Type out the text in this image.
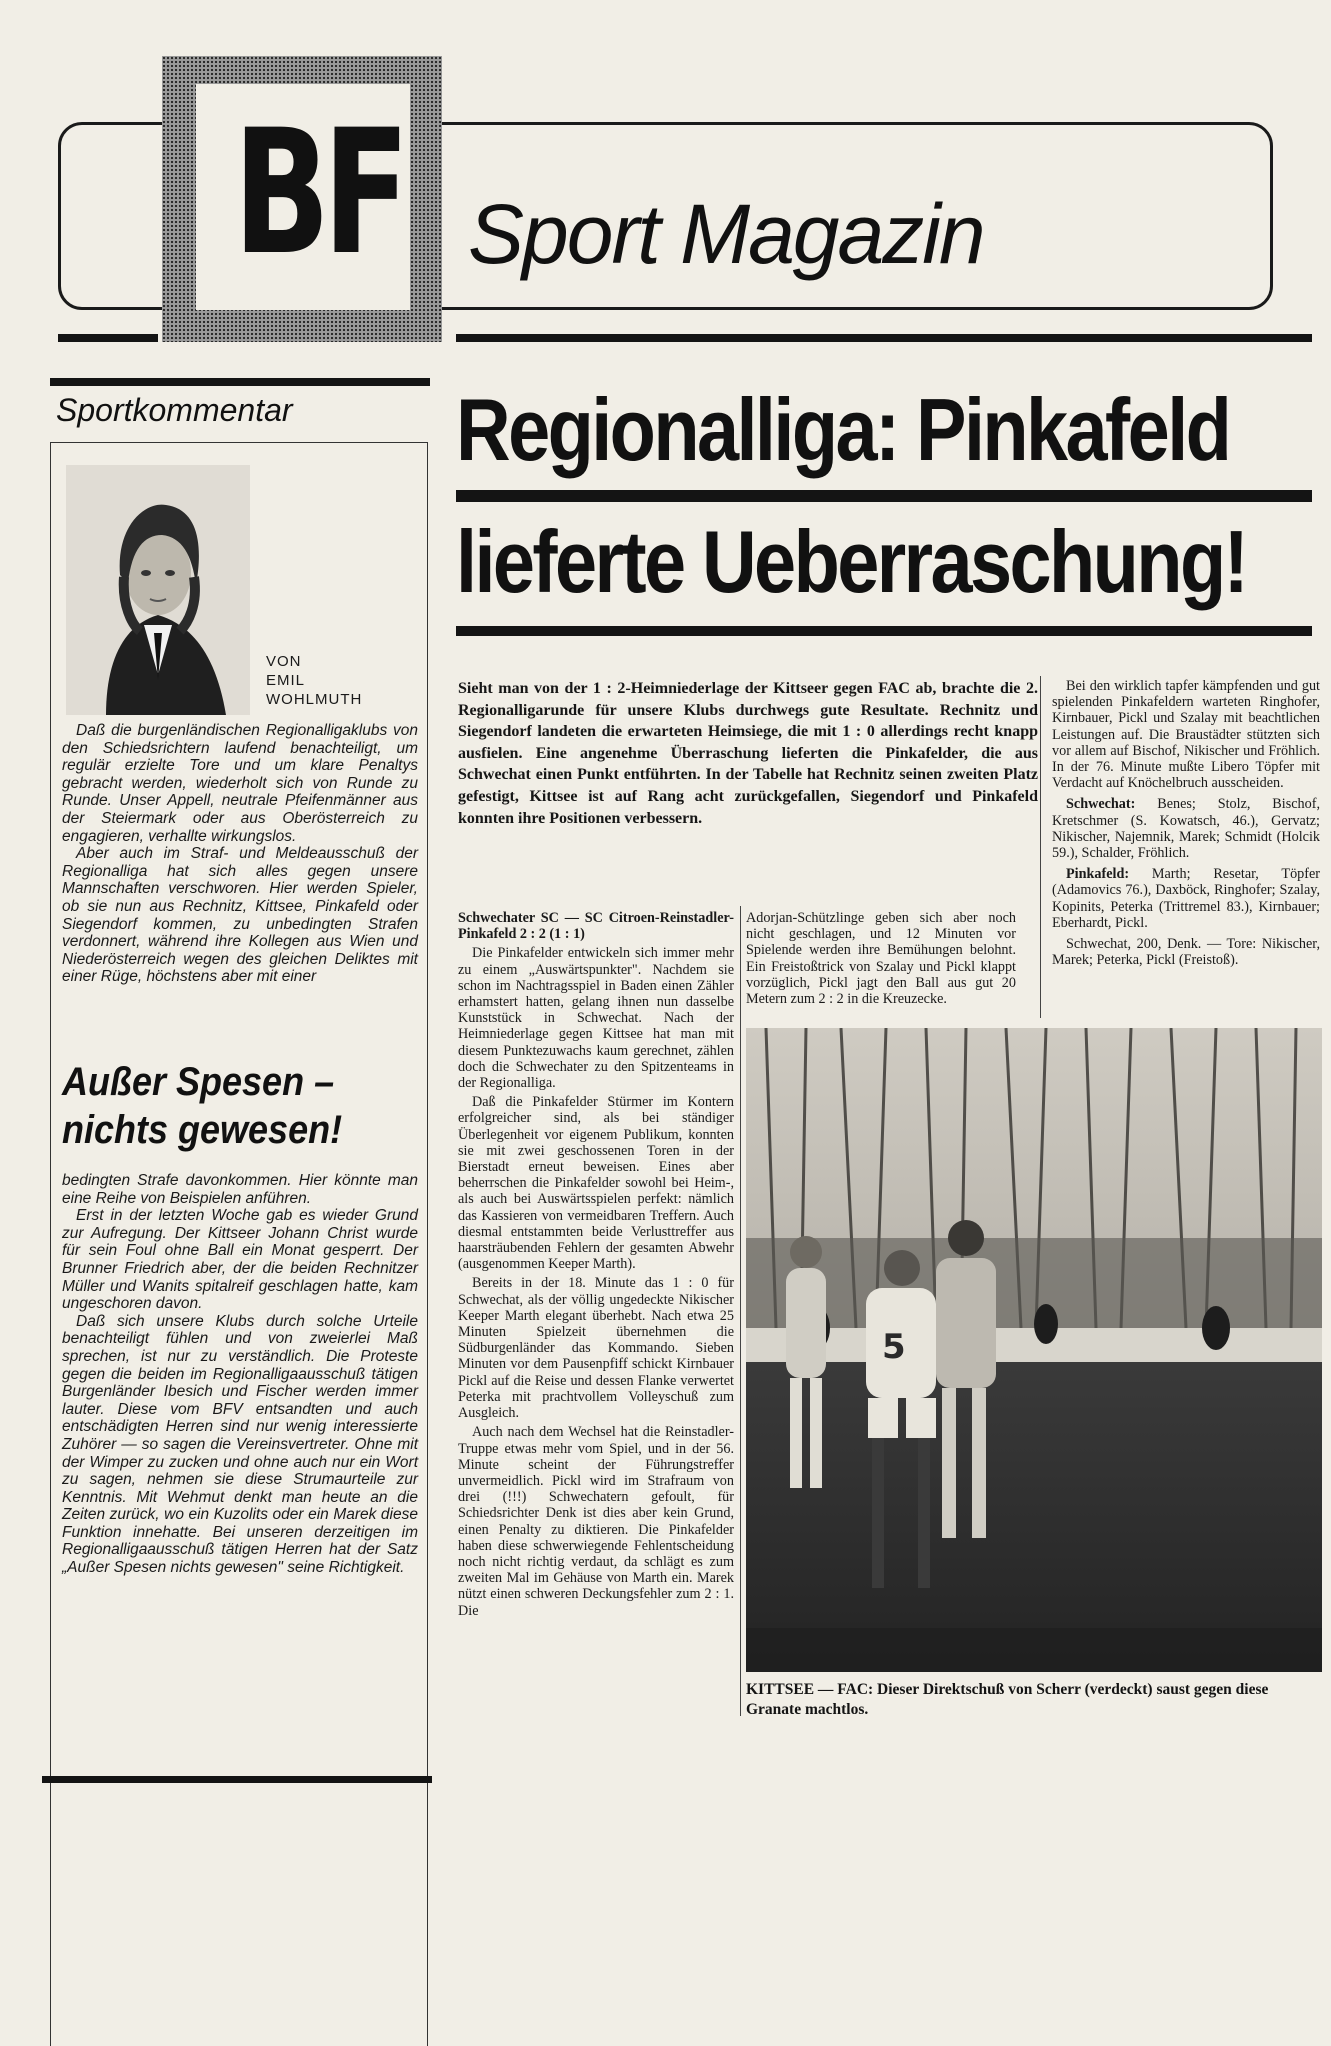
BF Sport Magazin
Sportkommentar
VON
EMIL
WOHLMUTH

Daß die burgenländischen Regionalligaklubs von den Schiedsrichtern laufend benachteiligt, um regulär erzielte Tore und um klare Penaltys gebracht werden, wiederholt sich von Runde zu Runde. Unser Appell, neutrale Pfeifenmänner aus der Steiermark oder aus Oberösterreich zu engagieren, verhallte wirkungslos.

Aber auch im Straf- und Meldeausschuß der Regionalliga hat sich alles gegen unsere Mannschaften verschworen. Hier werden Spieler, ob sie nun aus Rechnitz, Kittsee, Pinkafeld oder Siegendorf kommen, zu unbedingten Strafen verdonnert, während ihre Kollegen aus Wien und Niederösterreich wegen des gleichen Deliktes mit einer Rüge, höchstens aber mit einer

Außer Spesen –
nichts gewesen!

bedingten Strafe davonkommen. Hier könnte man eine Reihe von Beispielen anführen.

Erst in der letzten Woche gab es wieder Grund zur Aufregung. Der Kittseer Johann Christ wurde für sein Foul ohne Ball ein Monat gesperrt. Der Brunner Friedrich aber, der die beiden Rechnitzer Müller und Wanits spitalreif geschlagen hatte, kam ungeschoren davon.

Daß sich unsere Klubs durch solche Urteile benachteiligt fühlen und von zweierlei Maß sprechen, ist nur zu verständlich. Die Proteste gegen die beiden im Regionalligaausschuß tätigen Burgenländer Ibesich und Fischer werden immer lauter. Diese vom BFV entsandten und auch entschädigten Herren sind nur wenig interessierte Zuhörer — so sagen die Vereinsvertreter. Ohne mit der Wimper zu zucken und ohne auch nur ein Wort zu sagen, nehmen sie diese Strumaurteile zur Kenntnis. Mit Wehmut denkt man heute an die Zeiten zurück, wo ein Kuzolits oder ein Marek diese Funktion innehatte. Bei unseren derzeitigen im Regionalligaausschuß tätigen Herren hat der Satz „Außer Spesen nichts gewesen" seine Richtigkeit.

Regionalliga: Pinkafeld
lieferte Ueberraschung!
Sieht man von der 1 : 2-Heimniederlage der Kittseer gegen FAC ab, brachte die 2. Regionalligarunde für unsere Klubs durchwegs gute Resultate. Rechnitz und Siegendorf landeten die erwarteten Heimsiege, die mit 1 : 0 allerdings recht knapp ausfielen. Eine angenehme Überraschung lieferten die Pinkafelder, die aus Schwechat einen Punkt entführten. In der Tabelle hat Rechnitz seinen zweiten Platz gefestigt, Kittsee ist auf Rang acht zurückgefallen, Siegendorf und Pinkafeld konnten ihre Positionen verbessern.

Bei den wirklich tapfer kämpfenden und gut spielenden Pinkafeldern warteten Ringhofer, Kirnbauer, Pickl und Szalay mit beachtlichen Leistungen auf. Die Braustädter stützten sich vor allem auf Bischof, Nikischer und Fröhlich. In der 76. Minute mußte Libero Töpfer mit Verdacht auf Knöchelbruch ausscheiden.

Schwechat: Benes; Stolz, Bischof, Kretschmer (S. Kowatsch, 46.), Gervatz; Nikischer, Najemnik, Marek; Schmidt (Holcik 59.), Schalder, Fröhlich.

Pinkafeld: Marth; Resetar, Töpfer (Adamovics 76.), Daxböck, Ringhofer; Szalay, Kopinits, Peterka (Trittremel 83.), Kirnbauer; Eberhardt, Pickl.

Schwechat, 200, Denk. — Tore: Nikischer, Marek; Peterka, Pickl (Freistoß).

Schwechater SC — SC Citroen-Reinstadler-Pinkafeld 2 : 2 (1 : 1)

Die Pinkafelder entwickeln sich immer mehr zu einem „Auswärtspunkter". Nachdem sie schon im Nachtragsspiel in Baden einen Zähler erhamstert hatten, gelang ihnen nun dasselbe Kunststück in Schwechat. Nach der Heimniederlage gegen Kittsee hat man mit diesem Punktezuwachs kaum gerechnet, zählen doch die Schwechater zu den Spitzenteams in der Regionalliga.

Daß die Pinkafelder Stürmer im Kontern erfolgreicher sind, als bei ständiger Überlegenheit vor eigenem Publikum, konnten sie mit zwei geschossenen Toren in der Bierstadt erneut beweisen. Eines aber beherrschen die Pinkafelder sowohl bei Heim-, als auch bei Auswärtsspielen perfekt: nämlich das Kassieren von vermeidbaren Treffern. Auch diesmal entstammten beide Verlusttreffer aus haarsträubenden Fehlern der gesamten Abwehr (ausgenommen Keeper Marth).

Bereits in der 18. Minute das 1 : 0 für Schwechat, als der völlig ungedeckte Nikischer Keeper Marth elegant überhebt. Nach etwa 25 Minuten Spielzeit übernehmen die Südburgenländer das Kommando. Sieben Minuten vor dem Pausenpfiff schickt Kirnbauer Pickl auf die Reise und dessen Flanke verwertet Peterka mit prachtvollem Volleyschuß zum Ausgleich.

Auch nach dem Wechsel hat die Reinstadler-Truppe etwas mehr vom Spiel, und in der 56. Minute scheint der Führungstreffer unvermeidlich. Pickl wird im Strafraum von drei (!!!) Schwechatern gefoult, für Schiedsrichter Denk ist dies aber kein Grund, einen Penalty zu diktieren. Die Pinkafelder haben diese schwerwiegende Fehlentscheidung noch nicht richtig verdaut, da schlägt es zum zweiten Mal im Gehäuse von Marth ein. Marek nützt einen schweren Deckungsfehler zum 2 : 1. Die

Adorjan-Schützlinge geben sich aber noch nicht geschlagen, und 12 Minuten vor Spielende werden ihre Bemühungen belohnt. Ein Freistoßtrick von Szalay und Pickl klappt vorzüglich, Pickl jagt den Ball aus gut 20 Metern zum 2 : 2 in die Kreuzecke.

5
KITTSEE — FAC: Dieser Direktschuß von Scherr (verdeckt) saust gegen diese Granate machtlos.
